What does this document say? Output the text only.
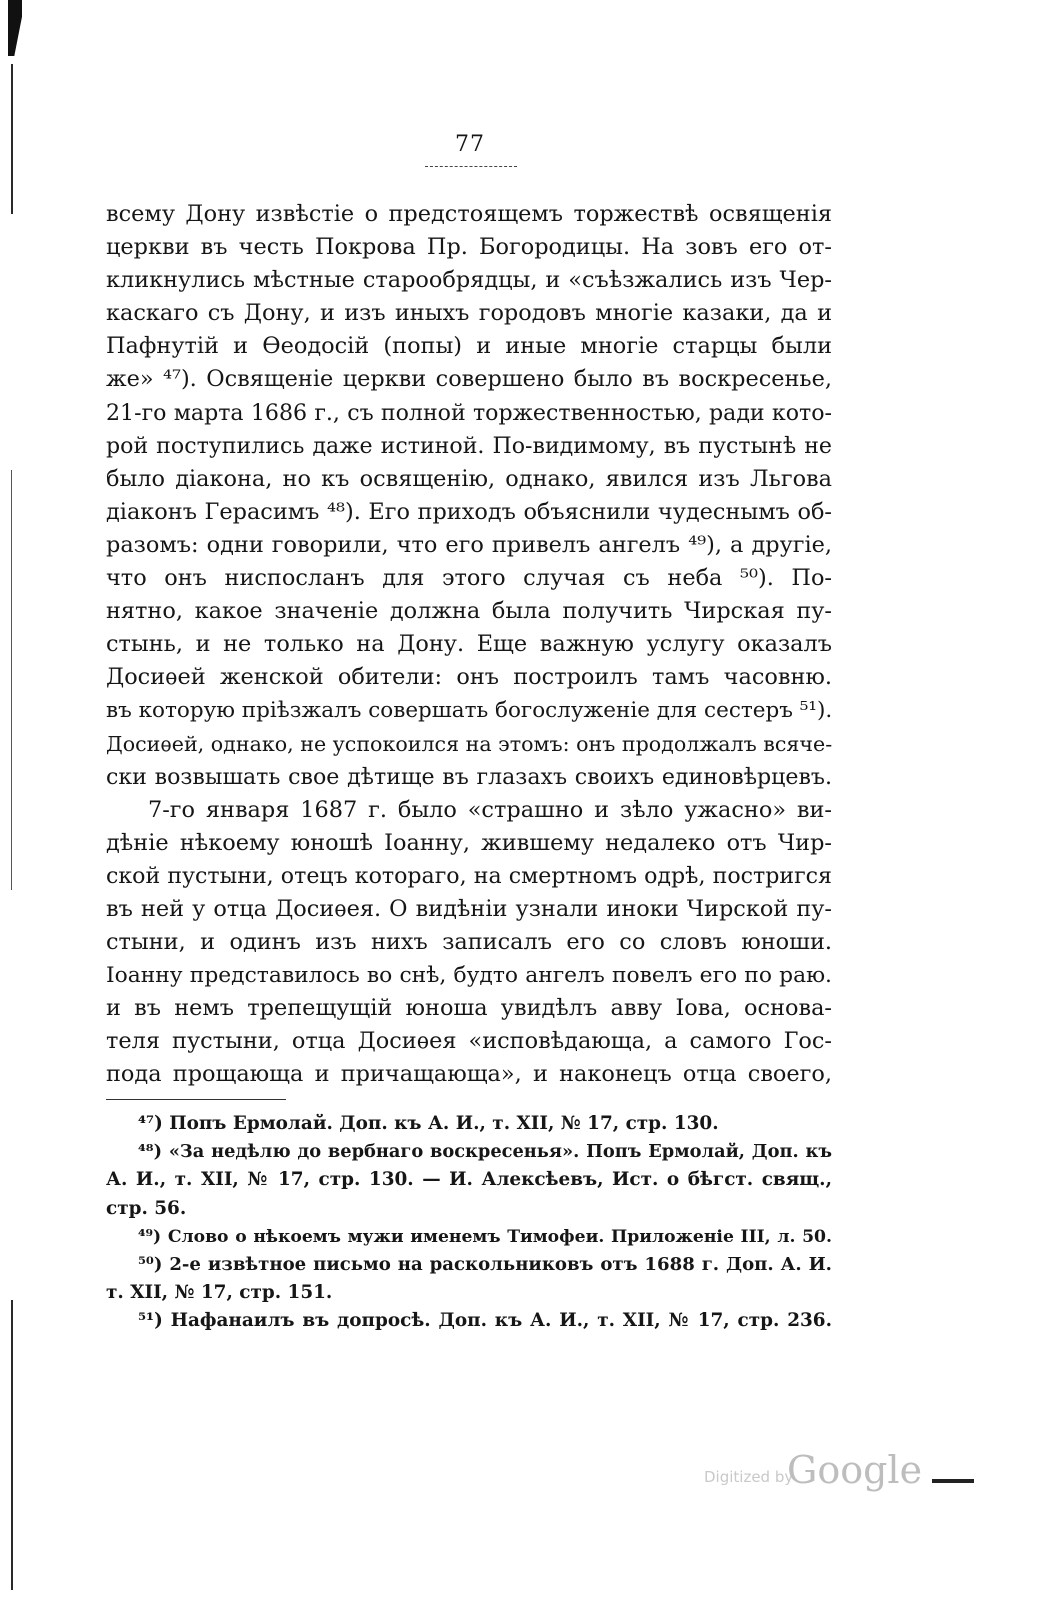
77
всему Дону извѣстіе о предстоящемъ торжествѣ освященія
церкви въ честь Покрова Пр. Богородицы. На зовъ его от-
кликнулись мѣстные старообрядцы, и «съѣзжались изъ Чер-
каскаго съ Дону, и изъ иныхъ городовъ многіе казаки, да и
Пафнутій и Ѳеодосій (попы) и иные многіе старцы были
же» ⁴⁷). Освященіе церкви совершено было въ воскресенье,
21-го марта 1686 г., съ полной торжественностью, ради кото-
рой поступились даже истиной. По-видимому, въ пустынѣ не
было діакона, но къ освященію, однако, явился изъ Льгова
діаконъ Герасимъ ⁴⁸). Его приходъ объяснили чудеснымъ об-
разомъ: одни говорили, что его привелъ ангелъ ⁴⁹), а другіе,
что онъ ниспосланъ для этого случая съ неба ⁵⁰). По-
нятно, какое значеніе должна была получить Чирская пу-
стынь, и не только на Дону. Еще важную услугу оказалъ
Досиѳей женской обители: онъ построилъ тамъ часовню.
въ которую пріѣзжалъ совершать богослуженіе для сестеръ ⁵¹).
Досиѳей, однако, не успокоился на этомъ: онъ продолжалъ всяче-
ски возвышать свое дѣтище въ глазахъ своихъ единовѣрцевъ.
7-го января 1687 г. было «страшно и зѣло ужасно» ви-
дѣніе нѣкоему юношѣ Іоанну, жившему недалеко отъ Чир-
ской пустыни, отецъ котораго, на смертномъ одрѣ, постригся
въ ней у отца Досиѳея. О видѣніи узнали иноки Чирской пу-
стыни, и одинъ изъ нихъ записалъ его со словъ юноши.
Іоанну представилось во снѣ, будто ангелъ повелъ его по раю.
и въ немъ трепещущій юноша увидѣлъ авву Іова, основа-
теля пустыни, отца Досиѳея «исповѣдающа, а самого Гос-
пода прощающа и причащающа», и наконецъ отца своего,
⁴⁷) Попъ Ермолай. Доп. къ А. И., т. XII, № 17, стр. 130.
⁴⁸) «За недѣлю до вербнаго воскресенья». Попъ Ермолай, Доп. къ
А. И., т. XII, № 17, стр. 130. — И. Алексѣевъ, Ист. о бѣгст. свящ.,
стр. 56.
⁴⁹) Слово о нѣкоемъ мужи именемъ Тимофеи. Приложеніе III, л. 50.
⁵⁰) 2-е извѣтное письмо на раскольниковъ отъ 1688 г. Доп. А. И.
т. XII, № 17, стр. 151.
⁵¹) Нафанаилъ въ допросѣ. Доп. къ А. И., т. XII, № 17, стр. 236.
Digitized by
Google
